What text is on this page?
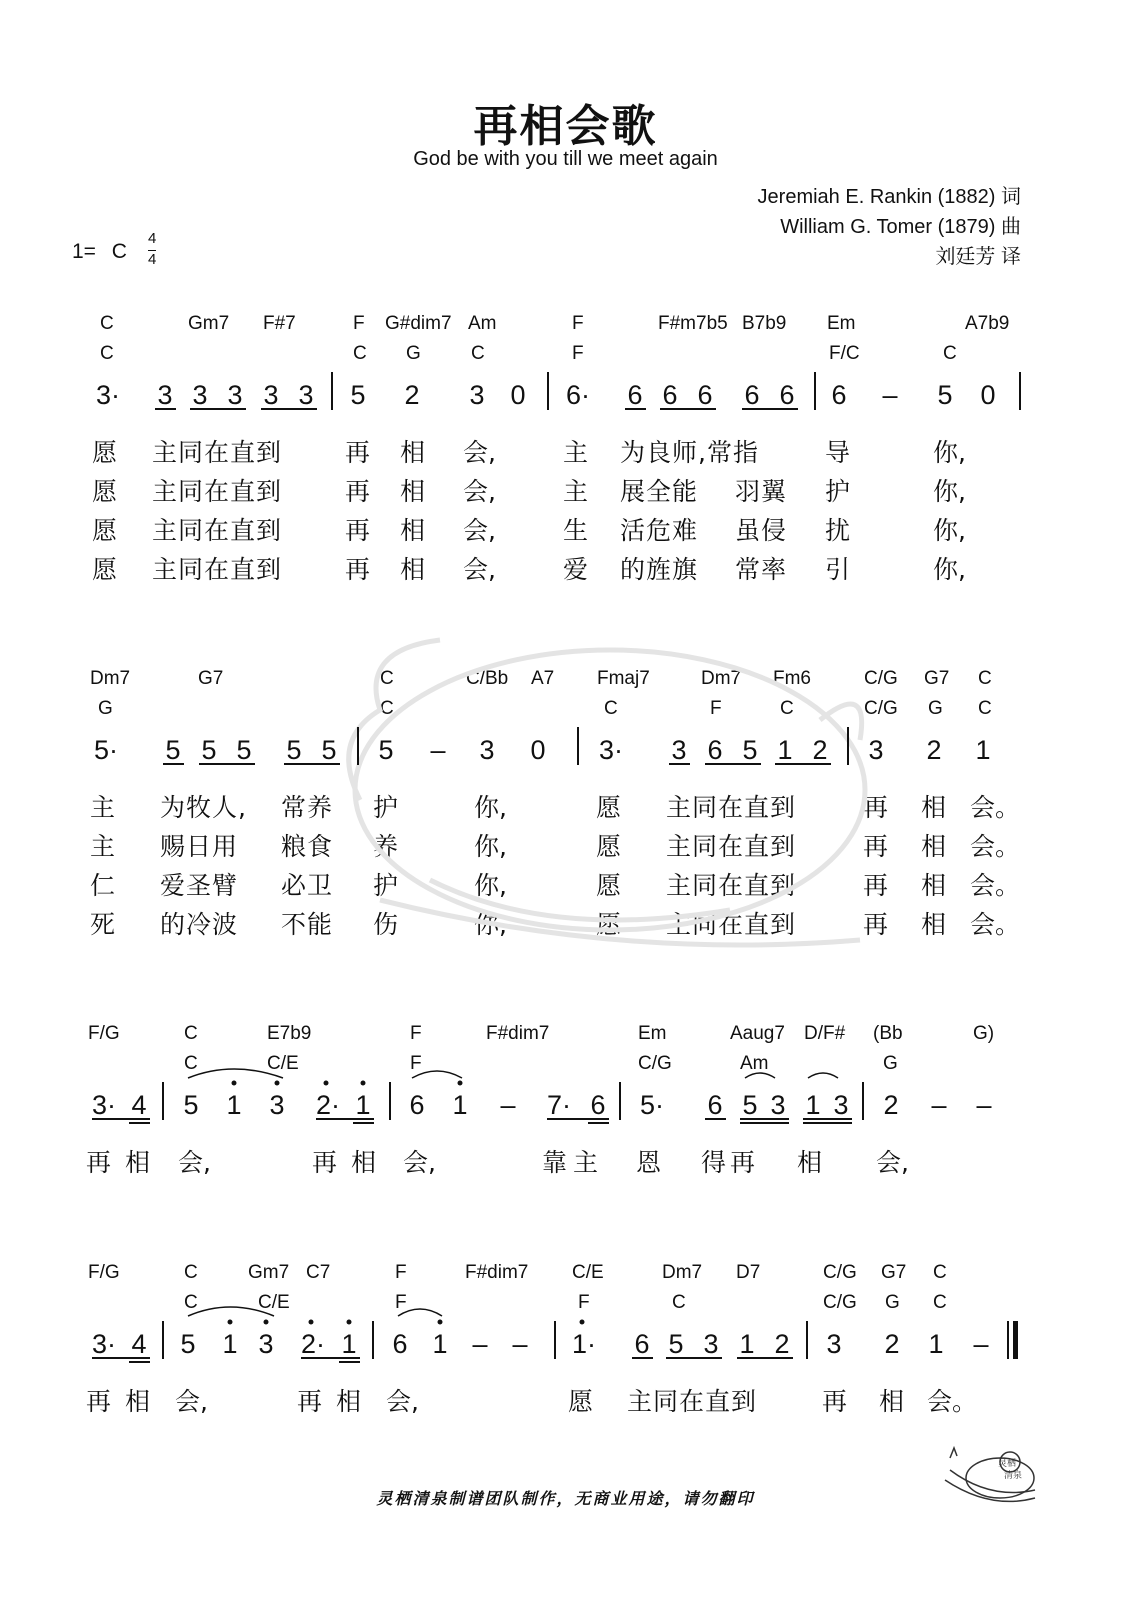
再相会歌
God be with you till we meet again
Jeremiah E. Rankin (1882) 词
William G. Tomer (1879) 曲
刘廷芳 译
1= C
4
4
C	Gm7 F#7	F G#dim7 Am	F	F#m7b5 B7b9 Em	A7b9
C	C G	C	F	F/C	C
3· 3 3 3 3 3 5 2 3 0 6· 6 6 6 6 6 6 – 5 0
愿 主同在直到	再 相 会,	主 为良师,常指	导	你,
愿 主同在直到	再 相 会,	主 展全能 羽翼 护	你,
愿 主同在直到	再 相 会,	生 活危难 虽侵 扰	你,
愿 主同在直到	再 相 会,	爱 的旌旗 常率 引	你,
Dm7	G7	C	C/Bb A7 Fmaj7	Dm7 Fm6	C/G G7 C
G	C	C	F	C	C/G G C
5· 5 5 5 5 5 5 – 3 0 3· 3 6 5 1 2 3 2 1
主 为牧人, 常养 护	你,	愿 主同在直到	再 相 会。
主 赐日用 粮食 养	你,	愿 主同在直到	再 相 会。
仁 爱圣臂 必卫 护	你,	愿 主同在直到	再 相 会。
死 的冷波 不能 伤	你,	愿 主同在直到	再 相 会。
F/G	C	E7b9	F	F#dim7	Em	Aaug7 D/F# (Bb	G)
C	C/E	F	C/G	Am	G
3· 4 5 1 3 2· 1 6 1 – 7· 6 5· 6 5 3 1 3 2 – –
再相 会,	再相 会,	靠主 恩 得再 相 会,
F/G	C	Gm7 C7	F	F#dim7 C/E	Dm7 D7	C/G G7 C
C	C/E	F	F	C	C/G G C
3· 4 5 1 3 2· 1 6 1 – – 1· 6 5 3 1 2 3 2 1 –
再相 会,	再相 会,	愿 主同在直到	再 相 会。
灵栖清泉制谱团队制作，无商业用途，请勿翻印
灵栖
清泉
